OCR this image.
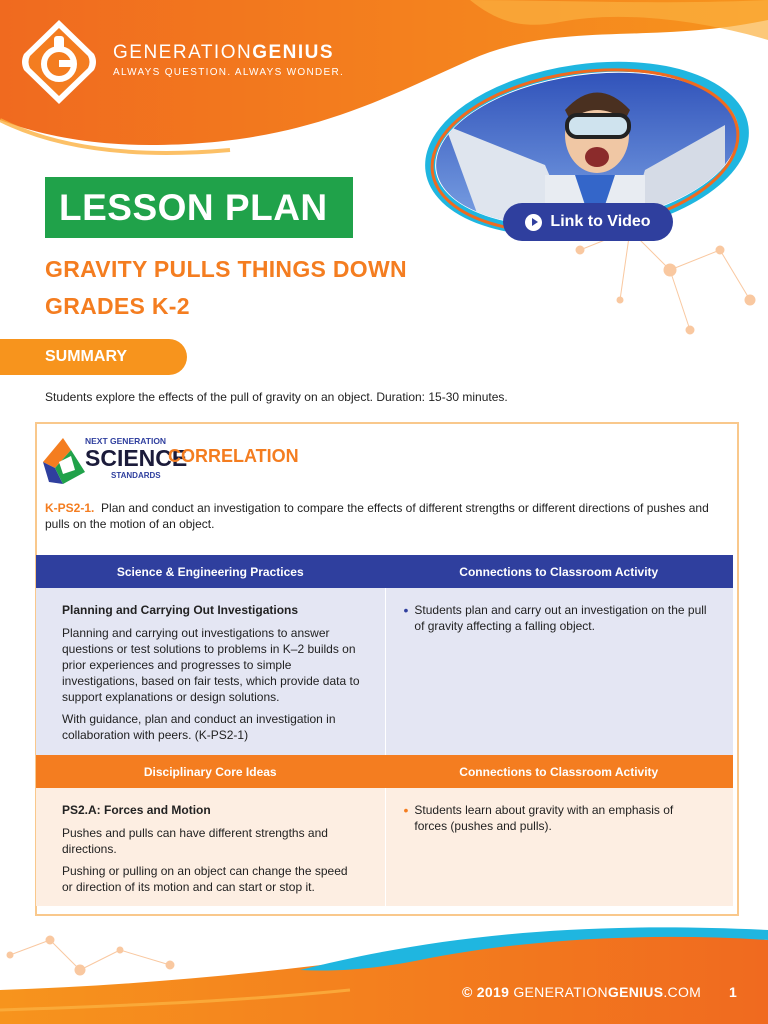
GENERATIONGENIUS
ALWAYS QUESTION. ALWAYS WONDER.
Link to Video
LESSON PLAN
GRAVITY PULLS THINGS DOWN
GRADES K-2
SUMMARY
Students explore the effects of the pull of gravity on an object. Duration: 15-30 minutes.
NEXT GENERATION
SCIENCE
STANDARDS
CORRELATION
K-PS2-1. Plan and conduct an investigation to compare the effects of different strengths or different directions of pushes and pulls on the motion of an object.
Science & Engineering Practices	Connections to Classroom Activity
Planning and Carrying Out Investigations

Planning and carrying out investigations to answer questions or test solutions to problems in K–2 builds on prior experiences and progresses to simple investigations, based on fair tests, which provide data to support explanations or design solutions.

With guidance, plan and conduct an investigation in collaboration with peers. (K-PS2-1)

• Students plan and carry out an investigation on the pull of gravity affecting a falling object.
Disciplinary Core Ideas	Connections to Classroom Activity
PS2.A: Forces and Motion

Pushes and pulls can have different strengths and directions.

Pushing or pulling on an object can change the speed or direction of its motion and can start or stop it.

• Students learn about gravity with an emphasis of forces (pushes and pulls).
© 2019 GENERATIONGENIUS.COM 1
